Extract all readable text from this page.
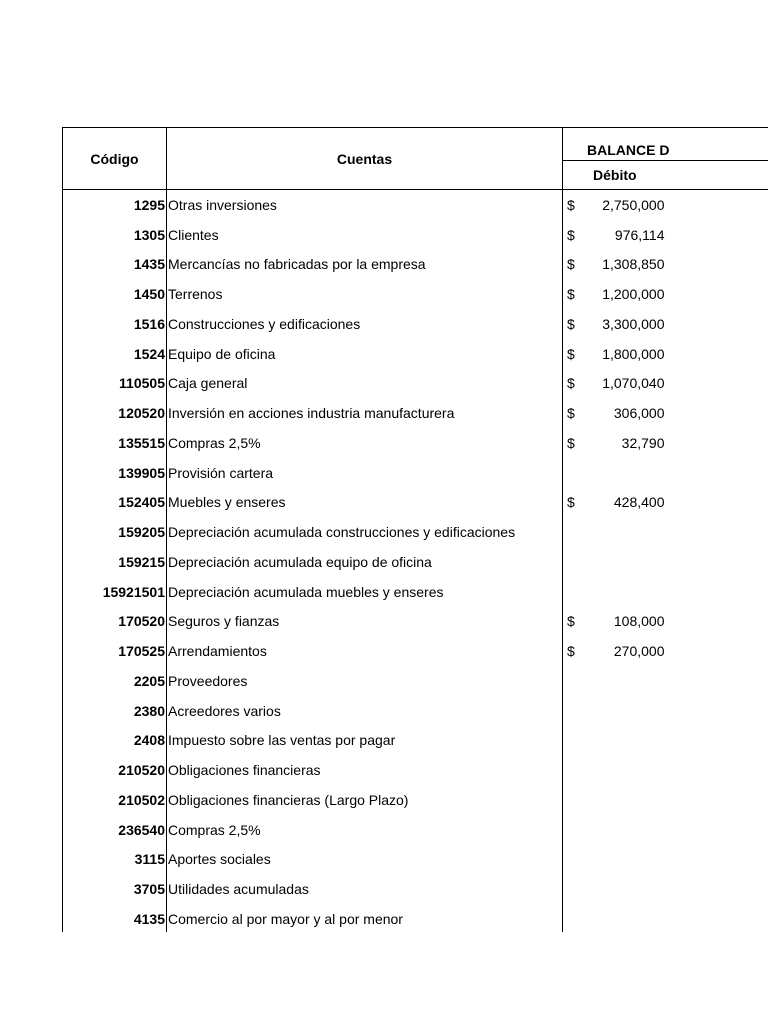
Código	Cuentas	BALANCE D
		Débito
1295	Otras inversiones	$ 2,750,000

1305	Clientes	$ 976,114

1435	Mercancías no fabricadas por la empresa	$ 1,308,850

1450	Terrenos	$ 1,200,000

1516	Construcciones y edificaciones	$ 3,300,000

1524	Equipo de oficina	$ 1,800,000

110505	Caja general	$ 1,070,040

120520	Inversión en acciones industria manufacturera	$ 306,000

135515	Compras 2,5%	$ 32,790

139905	Provisión cartera	

152405	Muebles y enseres	$ 428,400

159205	Depreciación acumulada construcciones y edificaciones	

159215	Depreciación acumulada equipo de oficina	

15921501	Depreciación acumulada muebles y enseres	

170520	Seguros y fianzas	$ 108,000

170525	Arrendamientos	$ 270,000

2205	Proveedores	

2380	Acreedores varios	

2408	Impuesto sobre las ventas por pagar	

210520	Obligaciones financieras	

210502	Obligaciones financieras (Largo Plazo)	

236540	Compras 2,5%	

3115	Aportes sociales	

3705	Utilidades acumuladas	

4135	Comercio al por mayor y al por menor	
